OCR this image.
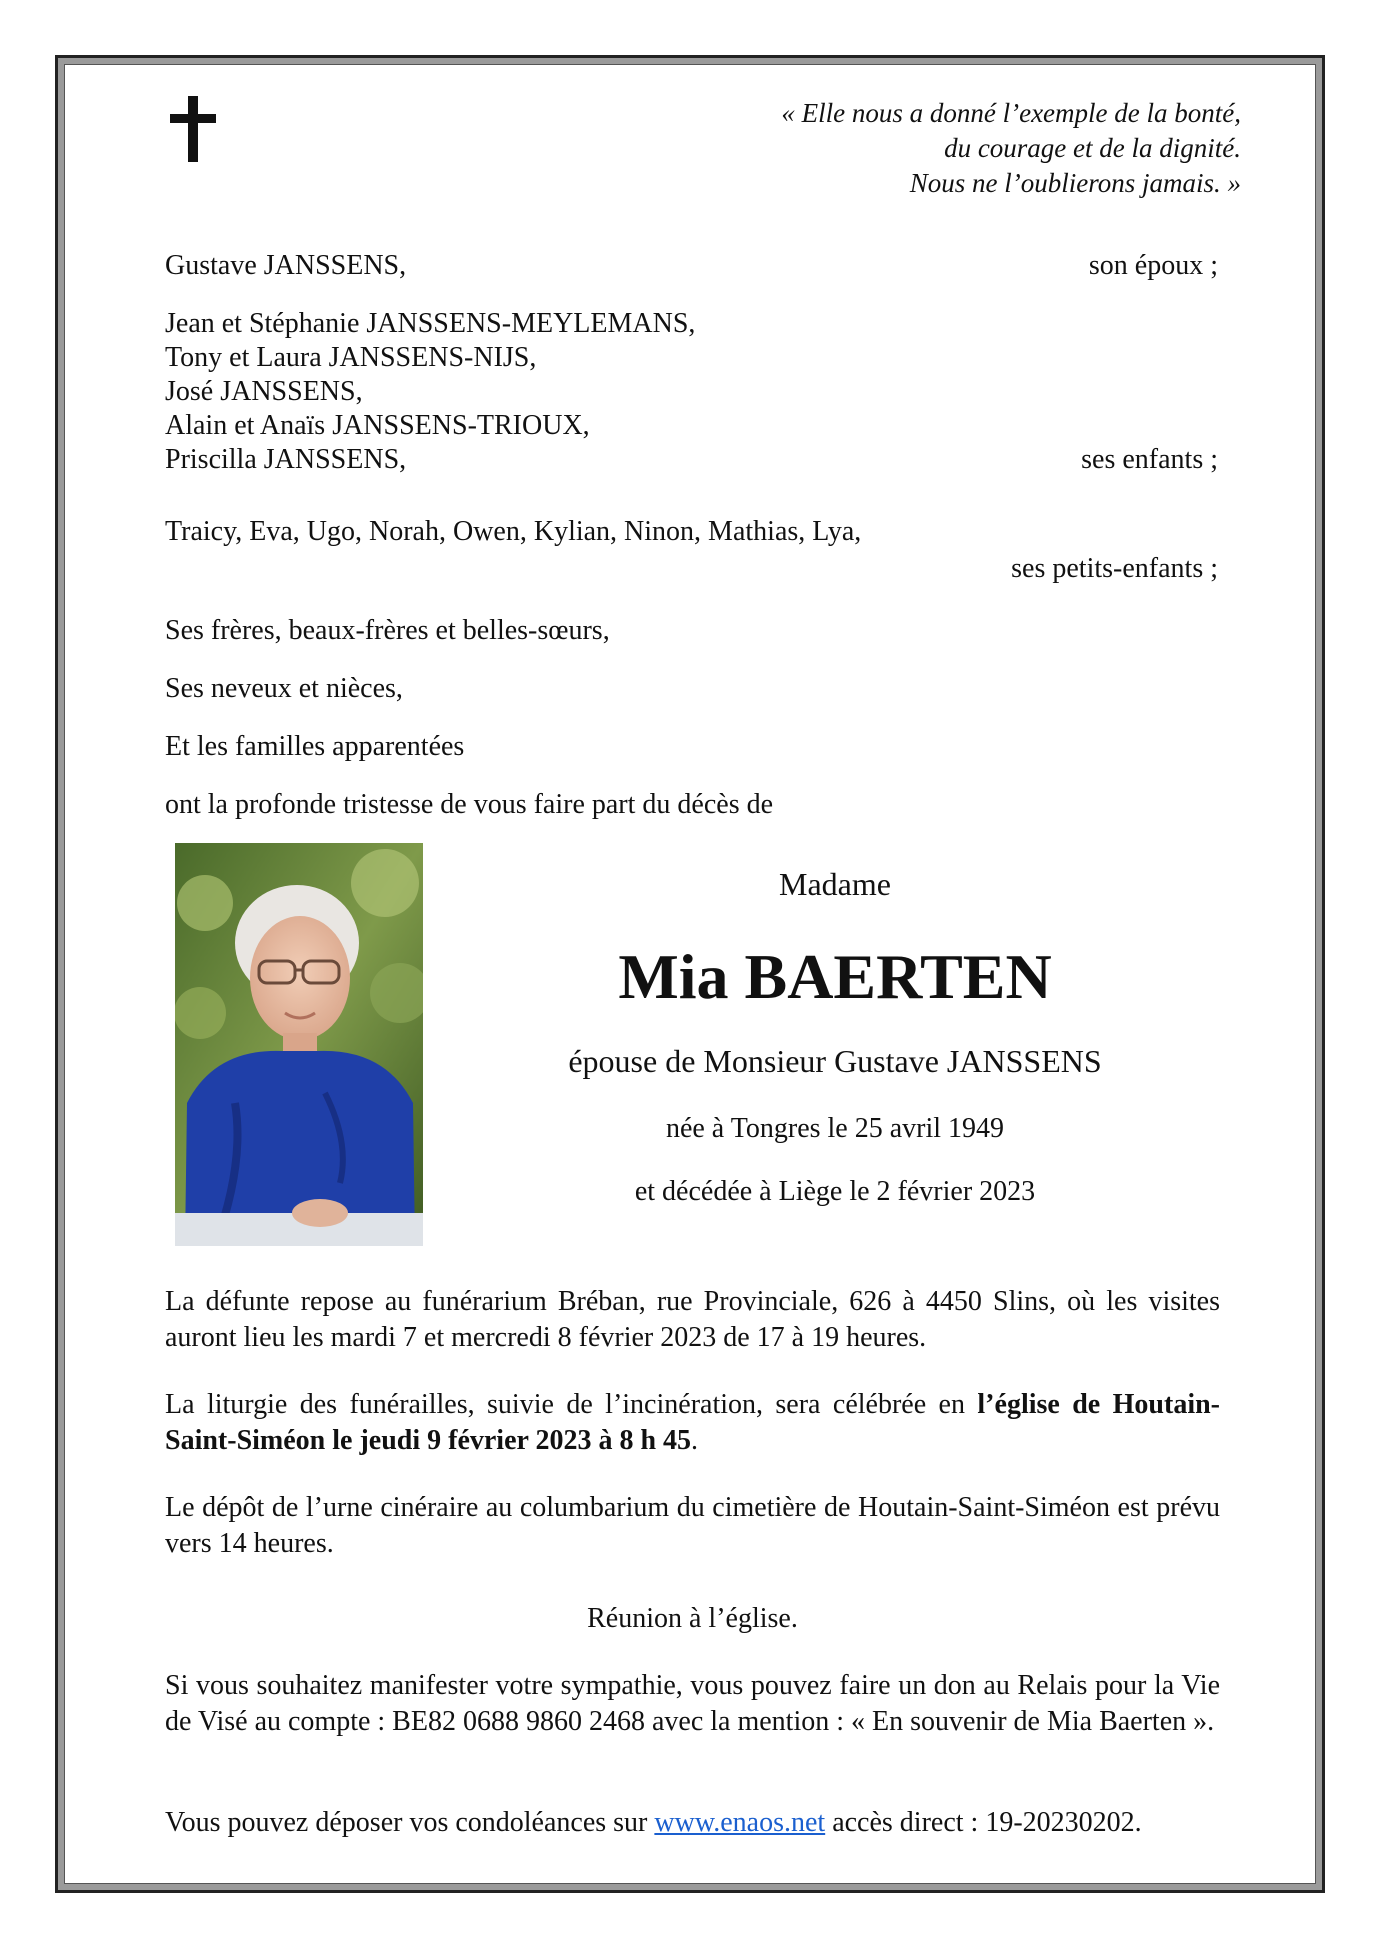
« Elle nous a donné l’exemple de la bonté,
du courage et de la dignité.
Nous ne l’oublierons jamais. »
Gustave JANSSENS,	son époux ;
Jean et Stéphanie JANSSENS-MEYLEMANS,
Tony et Laura JANSSENS-NIJS,
José JANSSENS,
Alain et Anaïs JANSSENS-TRIOUX,
Priscilla JANSSENS,	ses enfants ;
Traicy, Eva, Ugo, Norah, Owen, Kylian, Ninon, Mathias, Lya,
ses petits-enfants ;
Ses frères, beaux-frères et belles-sœurs,
Ses neveux et nièces,
Et les familles apparentées
ont la profonde tristesse de vous faire part du décès de
Madame
Mia BAERTEN
épouse de Monsieur Gustave JANSSENS
née à Tongres le 25 avril 1949
et décédée à Liège le 2 février 2023
La défunte repose au funérarium Bréban, rue Provinciale, 626 à 4450 Slins, où les visites auront lieu les mardi 7 et mercredi 8 février 2023 de 17 à 19 heures.
La liturgie des funérailles, suivie de l’incinération, sera célébrée en l’église de Houtain-Saint-Siméon le jeudi 9 février 2023 à 8 h 45.
Le dépôt de l’urne cinéraire au columbarium du cimetière de Houtain-Saint-Siméon est prévu vers 14 heures.
Réunion à l’église.
Si vous souhaitez manifester votre sympathie, vous pouvez faire un don au Relais pour la Vie de Visé au compte : BE82 0688 9860 2468 avec la mention : « En souvenir de Mia Baerten ».
Vous pouvez déposer vos condoléances sur www.enaos.net accès direct : 19-20230202.
